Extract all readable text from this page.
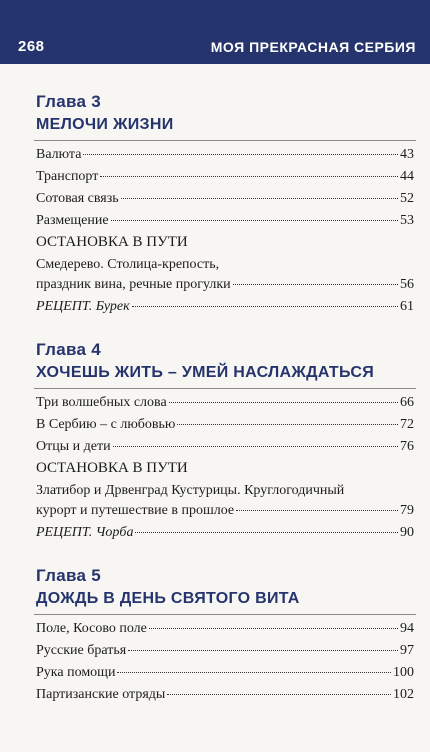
268	МОЯ ПРЕКРАСНАЯ СЕРБИЯ
Глава 3
МЕЛОЧИ ЖИЗНИ
Валюта	43
Транспорт	44
Сотовая связь	52
Размещение	53
ОСТАНОВКА В ПУТИ
Смедерево. Столица-крепость,
праздник вина, речные прогулки	56
РЕЦЕПТ. Бурек	61
Глава 4
ХОЧЕШЬ ЖИТЬ – УМЕЙ НАСЛАЖДАТЬСЯ
Три волшебных слова	66
В Сербию – с любовью	72
Отцы и дети	76
ОСТАНОВКА В ПУТИ
Златибор и Дрвенград Кустурицы. Круглогодичный
курорт и путешествие в прошлое	79
РЕЦЕПТ. Чорба	90
Глава 5
ДОЖДЬ В ДЕНЬ СВЯТОГО ВИТА
Поле, Косово поле	94
Русские братья	97
Рука помощи	100
Партизанские отряды	102
